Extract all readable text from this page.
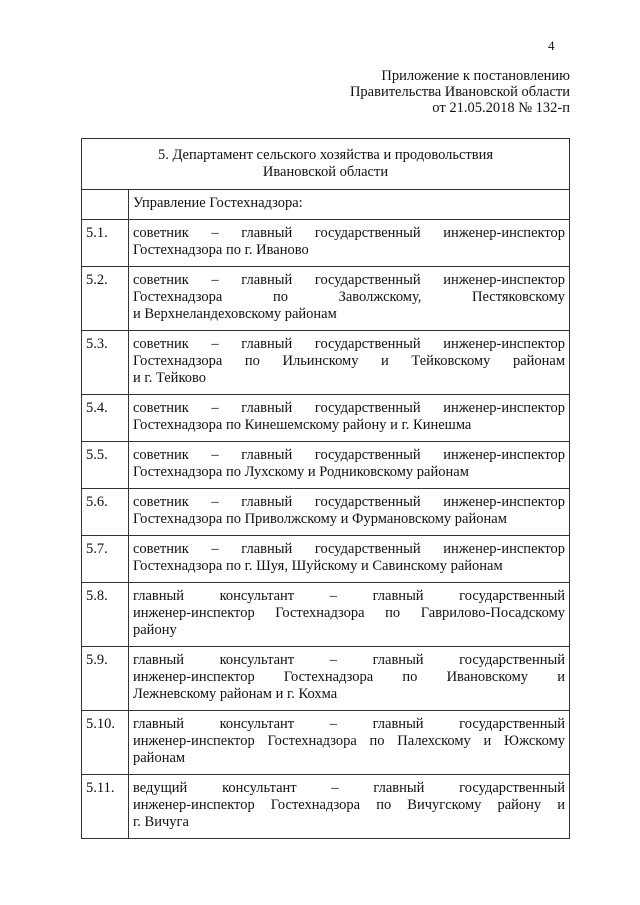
4
Приложение к постановлению
Правительства Ивановской области
от 21.05.2018 № 132-п
5. Департамент сельского хозяйства и продовольствия
Ивановской области	

	Управление Гостехнадзора:
5.1.	советник – главный государственный инженер-инспектор
Гостехнадзора по г. Иваново

5.2.	советник – главный государственный инженер-инспектор
Гостехнадзора по Заволжскому, Пестяковскому
и Верхнеландеховскому районам

5.3.	советник – главный государственный инженер-инспектор
Гостехнадзора по Ильинскому и Тейковскому районам
и г. Тейково

5.4.	советник – главный государственный инженер-инспектор
Гостехнадзора по Кинешемскому району и г. Кинешма

5.5.	советник – главный государственный инженер-инспектор
Гостехнадзора по Лухскому и Родниковскому районам

5.6.	советник – главный государственный инженер-инспектор
Гостехнадзора по Приволжскому и Фурмановскому районам

5.7.	советник – главный государственный инженер-инспектор
Гостехнадзора по г. Шуя, Шуйскому и Савинскому районам

5.8.	главный консультант – главный государственный
инженер-инспектор Гостехнадзора по Гаврилово-Посадскому
району

5.9.	главный консультант – главный государственный
инженер-инспектор Гостехнадзора по Ивановскому и
Лежневскому районам и г. Кохма

5.10.	главный консультант – главный государственный
инженер-инспектор Гостехнадзора по Палехскому и Южскому
районам

5.11.	ведущий консультант – главный государственный
инженер-инспектор Гостехнадзора по Вичугскому району и
г. Вичуга
